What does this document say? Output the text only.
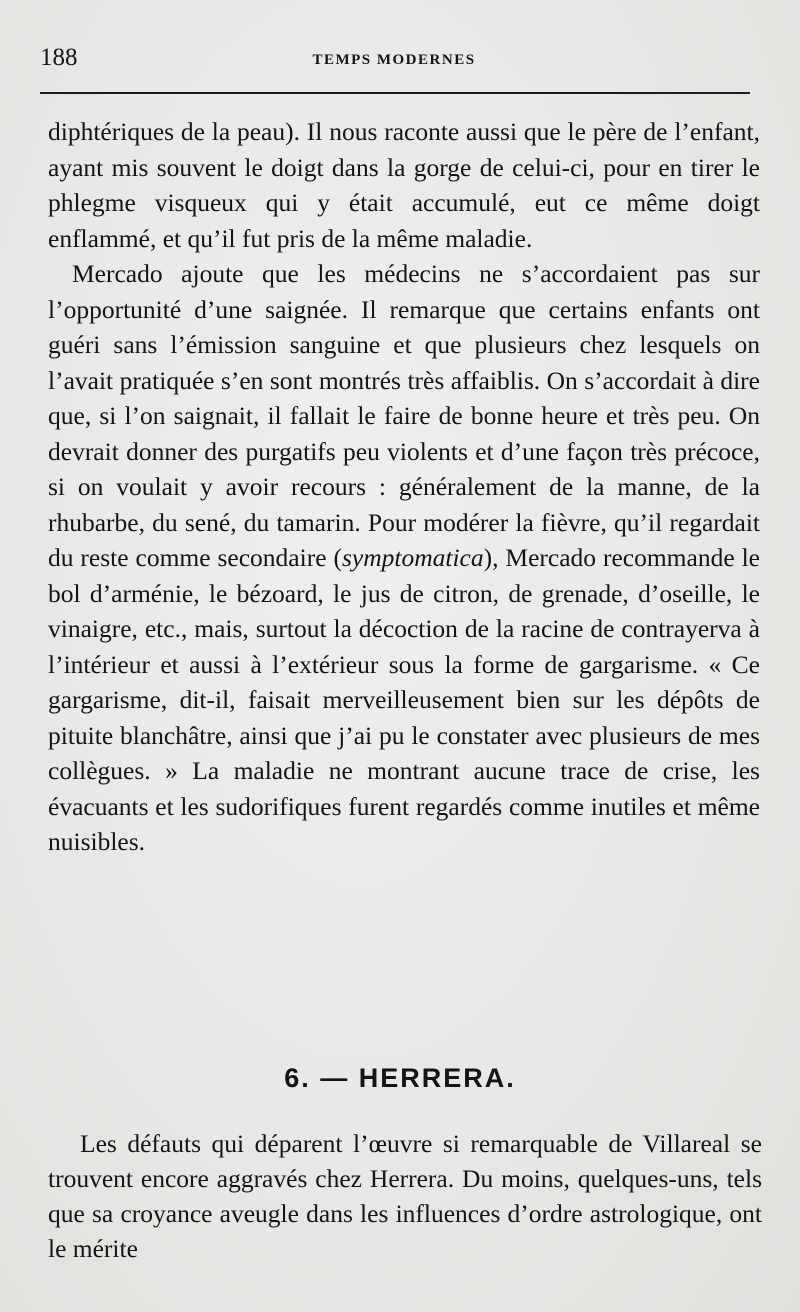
188	TEMPS MODERNES

diphtériques de la peau). Il nous raconte aussi que le père de l’enfant, ayant mis souvent le doigt dans la gorge de celui-ci, pour en tirer le phlegme visqueux qui y était accumulé, eut ce même doigt enflammé, et qu’il fut pris de la même maladie.

Mercado ajoute que les médecins ne s’accordaient pas sur l’opportunité d’une saignée. Il remarque que certains enfants ont guéri sans l’émission sanguine et que plusieurs chez lesquels on l’avait pratiquée s’en sont montrés très affaiblis. On s’accordait à dire que, si l’on saignait, il fallait le faire de bonne heure et très peu. On devrait donner des purgatifs peu violents et d’une façon très précoce, si on voulait y avoir recours : généralement de la manne, de la rhubarbe, du sené, du tamarin. Pour modérer la fièvre, qu’il regardait du reste comme secondaire (symptomatica), Mercado recommande le bol d’arménie, le bézoard, le jus de citron, de grenade, d’oseille, le vinaigre, etc., mais, surtout la décoction de la racine de contrayerva à l’intérieur et aussi à l’extérieur sous la forme de gargarisme. « Ce gargarisme, dit-il, faisait merveilleusement bien sur les dépôts de pituite blanchâtre, ainsi que j’ai pu le constater avec plusieurs de mes collègues. » La maladie ne montrant aucune trace de crise, les évacuants et les sudorifiques furent regardés comme inutiles et même nuisibles.

6. — HERRERA.

Les défauts qui déparent l’œuvre si remarquable de Villareal se trouvent encore aggravés chez Herrera. Du moins, quelques-uns, tels que sa croyance aveugle dans les influences d’ordre astrologique, ont le mérite
